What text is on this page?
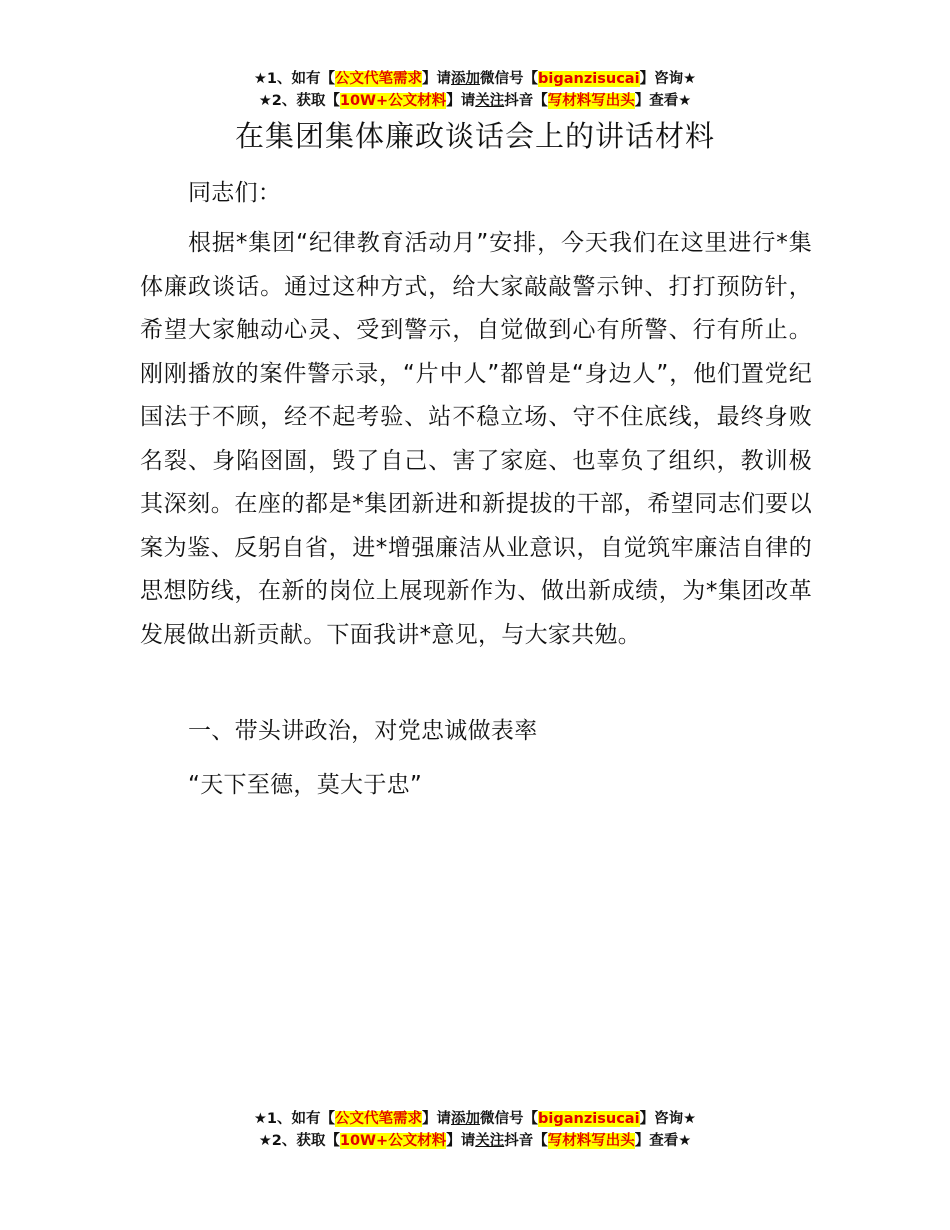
★1、如有【公文代笔需求】请添加微信号【biganzisucai】咨询★
★2、获取【10W+公文材料】请关注抖音【写材料写出头】查看★
在集团集体廉政谈话会上的讲话材料

同志们：

根据*集团“纪律教育活动月”安排，今天我们在这里进行*集体廉政谈话。通过这种方式，给大家敲敲警示钟、打打预防针，希望大家触动心灵、受到警示，自觉做到心有所警、行有所止。刚刚播放的案件警示录，“片中人”都曾是“身边人”，他们置党纪国法于不顾，经不起考验、站不稳立场、守不住底线，最终身败名裂、身陷囹圄，毁了自己、害了家庭、也辜负了组织，教训极其深刻。在座的都是*集团新进和新提拔的干部，希望同志们要以案为鉴、反躬自省，进*增强廉洁从业意识，自觉筑牢廉洁自律的思想防线，在新的岗位上展现新作为、做出新成绩，为*集团改革发展做出新贡献。下面我讲*意见，与大家共勉。

一、带头讲政治，对党忠诚做表率

“天下至德，莫大于忠”

★1、如有【公文代笔需求】请添加微信号【biganzisucai】咨询★
★2、获取【10W+公文材料】请关注抖音【写材料写出头】查看★
